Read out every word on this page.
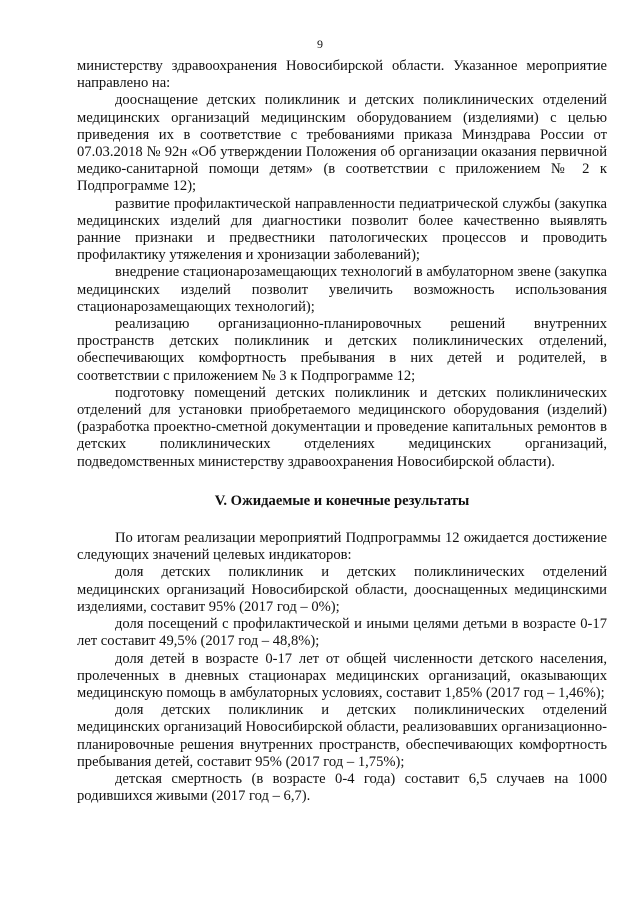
9

министерству здравоохранения Новосибирской области. Указанное мероприятие направлено на:

дооснащение детских поликлиник и детских поликлинических отделений медицинских организаций медицинским оборудованием (изделиями) с целью приведения их в соответствие с требованиями приказа Минздрава России от 07.03.2018 № 92н «Об утверждении Положения об организации оказания первичной медико-санитарной помощи детям» (в соответствии с приложением № 2 к Подпрограмме 12);

развитие профилактической направленности педиатрической службы (закупка медицинских изделий для диагностики позволит более качественно выявлять ранние признаки и предвестники патологических процессов и проводить профилактику утяжеления и хронизации заболеваний);

внедрение стационарозамещающих технологий в амбулаторном звене (закупка медицинских изделий позволит увеличить возможность использования стационарозамещающих технологий);

реализацию организационно-планировочных решений внутренних пространств детских поликлиник и детских поликлинических отделений, обеспечивающих комфортность пребывания в них детей и родителей, в соответствии с приложением № 3 к Подпрограмме 12;

подготовку помещений детских поликлиник и детских поликлинических отделений для установки приобретаемого медицинского оборудования (изделий) (разработка проектно-сметной документации и проведение капитальных ремонтов в детских поликлинических отделениях медицинских организаций, подведомственных министерству здравоохранения Новосибирской области).

V. Ожидаемые и конечные результаты

По итогам реализации мероприятий Подпрограммы 12 ожидается достижение следующих значений целевых индикаторов:

доля детских поликлиник и детских поликлинических отделений медицинских организаций Новосибирской области, дооснащенных медицинскими изделиями, составит 95% (2017 год – 0%);

доля посещений с профилактической и иными целями детьми в возрасте 0-17 лет составит 49,5% (2017 год – 48,8%);

доля детей в возрасте 0-17 лет от общей численности детского населения, пролеченных в дневных стационарах медицинских организаций, оказывающих медицинскую помощь в амбулаторных условиях, составит 1,85% (2017 год – 1,46%);

доля детских поликлиник и детских поликлинических отделений медицинских организаций Новосибирской области, реализовавших организационно-планировочные решения внутренних пространств, обеспечивающих комфортность пребывания детей, составит 95% (2017 год – 1,75%);

детская смертность (в возрасте 0-4 года) составит 6,5 случаев на 1000 родившихся живыми (2017 год – 6,7).
